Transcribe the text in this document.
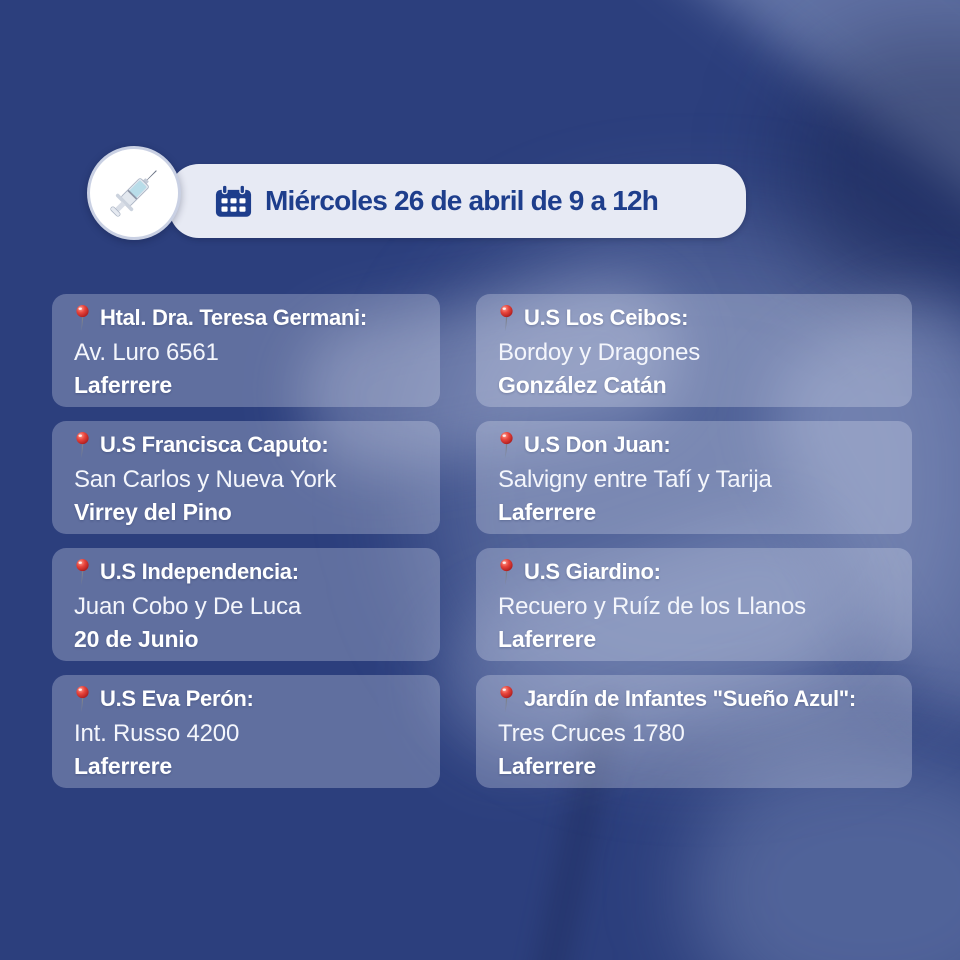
Miércoles 26 de abril de 9 a 12h
Htal. Dra. Teresa Germani:
Av. Luro 6561
Laferrere
U.S Los Ceibos:
Bordoy y Dragones
González Catán
U.S Francisca Caputo:
San Carlos y Nueva York
Virrey del Pino
U.S Don Juan:
Salvigny entre Tafí y Tarija
Laferrere
U.S Independencia:
Juan Cobo y De Luca
20 de Junio
U.S Giardino:
Recuero y Ruíz de los Llanos
Laferrere
U.S Eva Perón:
Int. Russo 4200
Laferrere
Jardín de Infantes "Sueño Azul":
Tres Cruces 1780
Laferrere
